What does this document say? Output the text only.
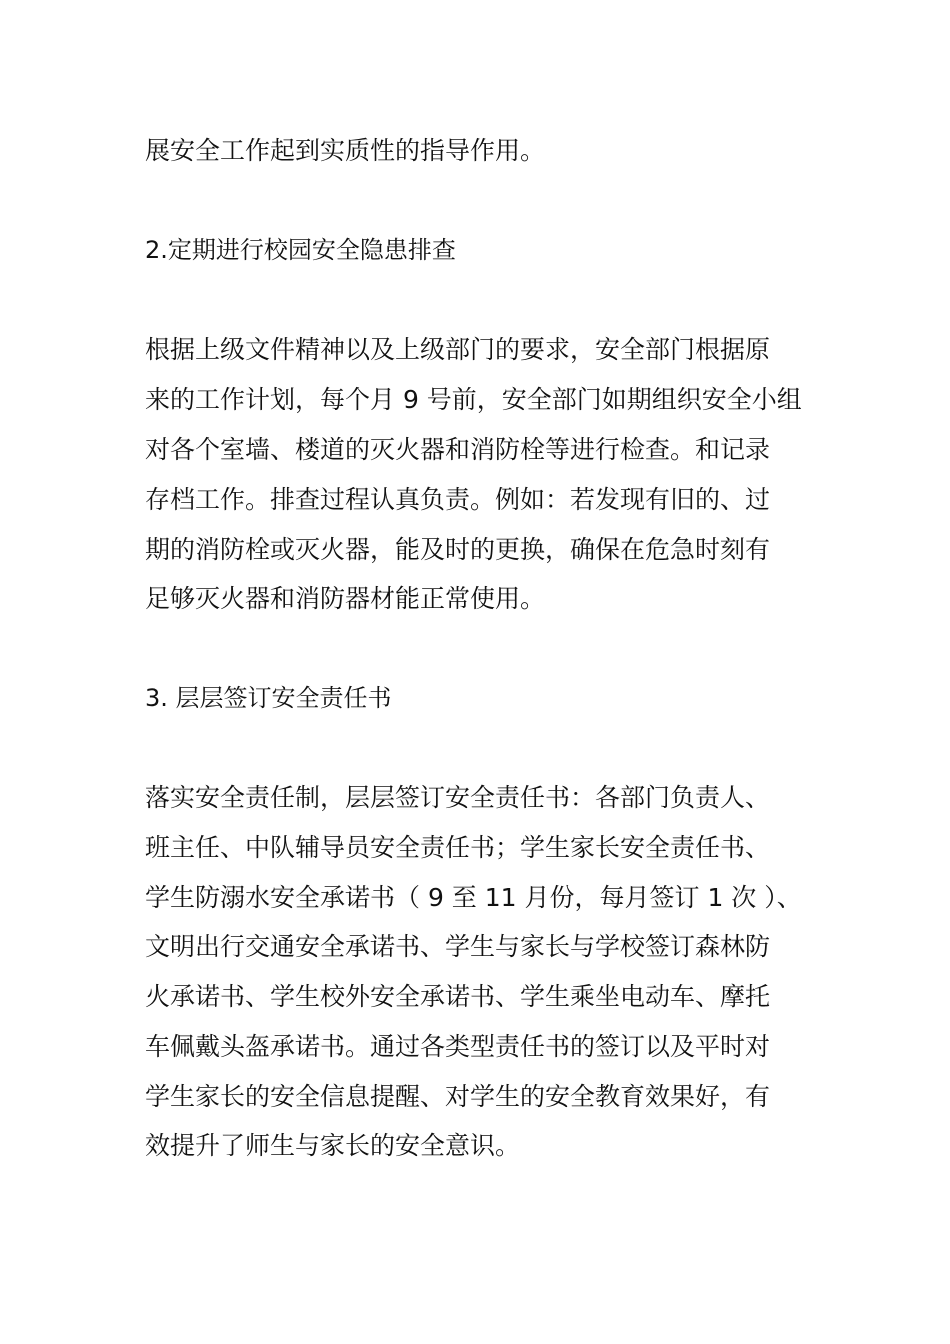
展安全工作起到实质性的指导作用。

2.定期进行校园安全隐患排查

根据上级文件精神以及上级部门的要求，安全部门根据原

来的工作计划，每个月 9 号前，安全部门如期组织安全小组

对各个室墙、楼道的灭火器和消防栓等进行检查。和记录

存档工作。排查过程认真负责。例如：若发现有旧的、过

期的消防栓或灭火器，能及时的更换，确保在危急时刻有

足够灭火器和消防器材能正常使用。

3. 层层签订安全责任书

落实安全责任制，层层签订安全责任书：各部门负责人、

班主任、中队辅导员安全责任书；学生家长安全责任书、

学生防溺水安全承诺书（ 9 至 11 月份，每月签订 1 次 ）、

文明出行交通安全承诺书、学生与家长与学校签订森林防

火承诺书、学生校外安全承诺书、学生乘坐电动车、摩托

车佩戴头盔承诺书。通过各类型责任书的签订以及平时对

学生家长的安全信息提醒、对学生的安全教育效果好，有

效提升了师生与家长的安全意识。
